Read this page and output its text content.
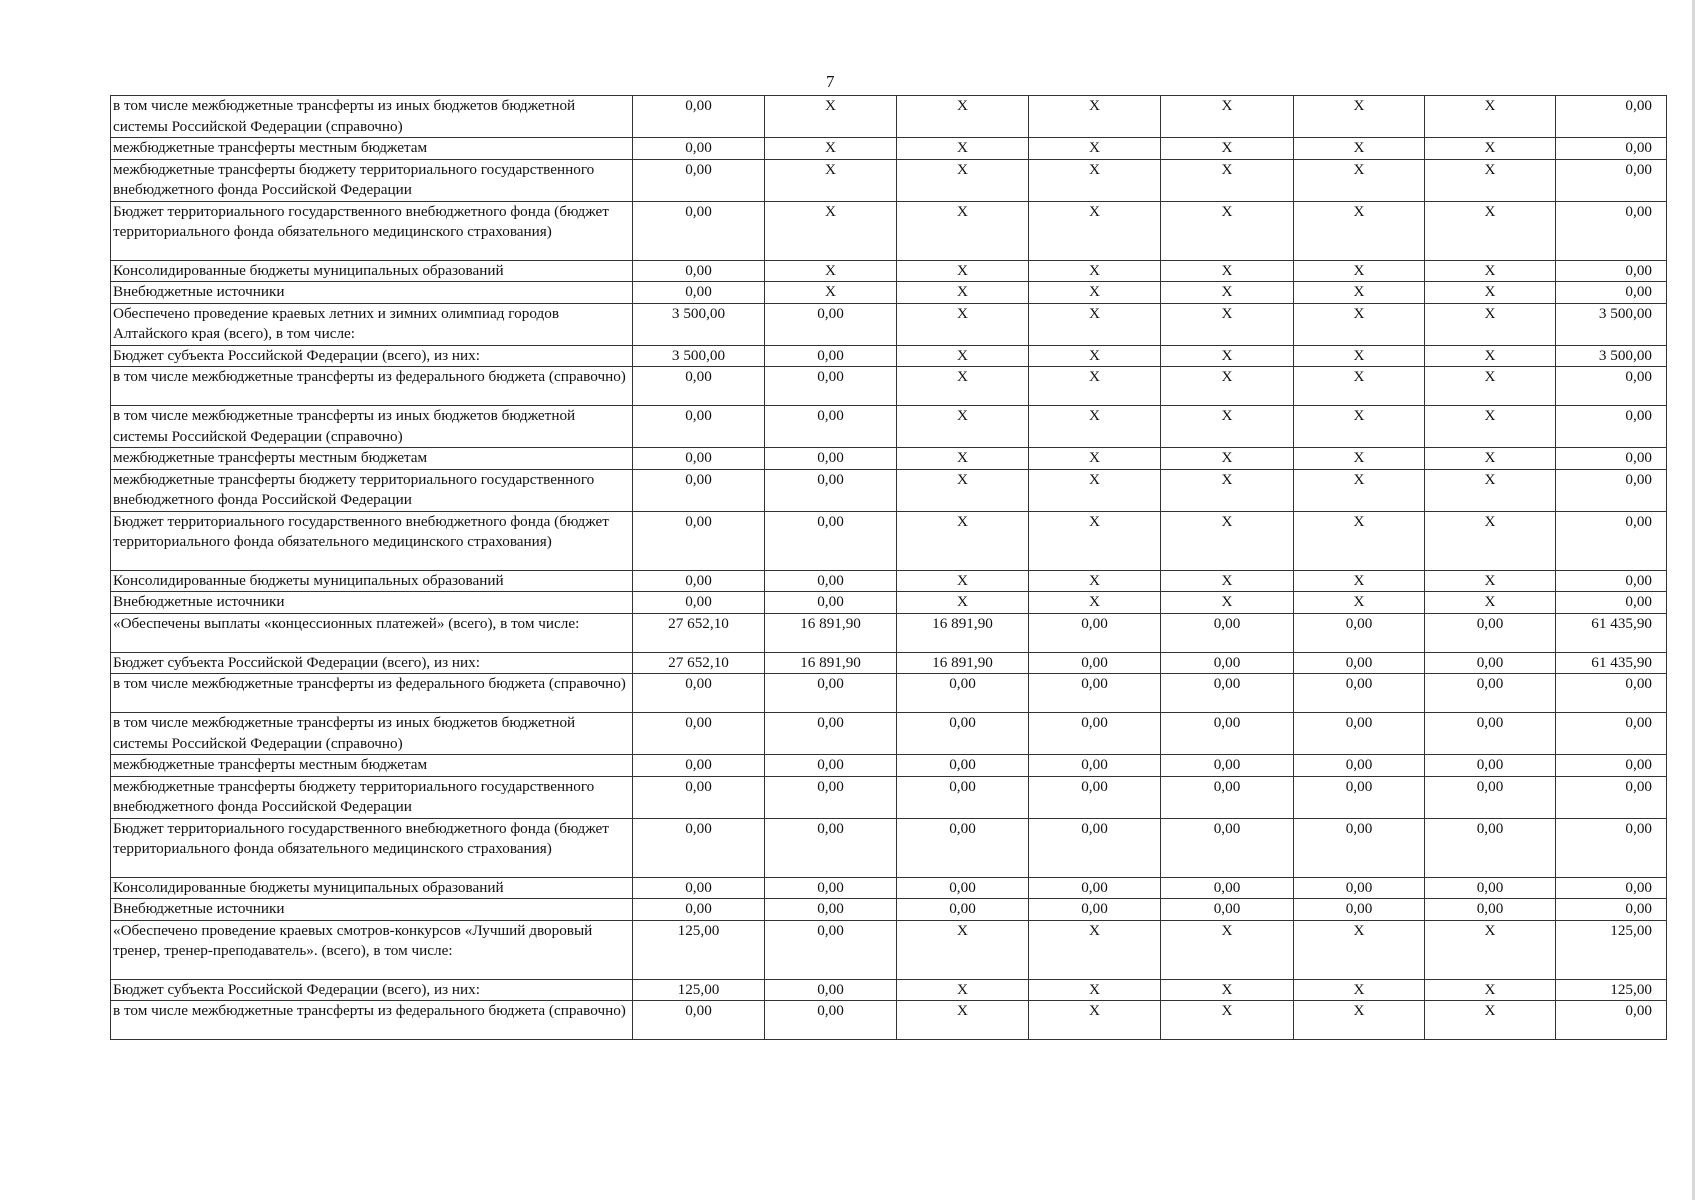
7
в том числе межбюджетные трансферты из иных бюджетов бюджетной системы Российской Федерации (справочно)	0,00	X	X	X	X	X	X	0,00
межбюджетные трансферты местным бюджетам	0,00	X	X	X	X	X	X	0,00
межбюджетные трансферты бюджету территориального государственного внебюджетного фонда Российской Федерации	0,00	X	X	X	X	X	X	0,00
Бюджет территориального государственного внебюджетного фонда (бюджет территориального фонда обязательного медицинского страхования)	0,00	X	X	X	X	X	X	0,00
Консолидированные бюджеты муниципальных образований	0,00	X	X	X	X	X	X	0,00
Внебюджетные источники	0,00	X	X	X	X	X	X	0,00
Обеспечено проведение краевых летних и зимних олимпиад городов Алтайского края (всего), в том числе:	3 500,00	0,00	X	X	X	X	X	3 500,00
Бюджет субъекта Российской Федерации (всего), из них:	3 500,00	0,00	X	X	X	X	X	3 500,00
в том числе межбюджетные трансферты из федерального бюджета (справочно)	0,00	0,00	X	X	X	X	X	0,00
в том числе межбюджетные трансферты из иных бюджетов бюджетной системы Российской Федерации (справочно)	0,00	0,00	X	X	X	X	X	0,00
межбюджетные трансферты местным бюджетам	0,00	0,00	X	X	X	X	X	0,00
межбюджетные трансферты бюджету территориального государственного внебюджетного фонда Российской Федерации	0,00	0,00	X	X	X	X	X	0,00
Бюджет территориального государственного внебюджетного фонда (бюджет территориального фонда обязательного медицинского страхования)	0,00	0,00	X	X	X	X	X	0,00
Консолидированные бюджеты муниципальных образований	0,00	0,00	X	X	X	X	X	0,00
Внебюджетные источники	0,00	0,00	X	X	X	X	X	0,00
«Обеспечены выплаты «концессионных платежей» (всего), в том числе:	27 652,10	16 891,90	16 891,90	0,00	0,00	0,00	0,00	61 435,90
Бюджет субъекта Российской Федерации (всего), из них:	27 652,10	16 891,90	16 891,90	0,00	0,00	0,00	0,00	61 435,90
в том числе межбюджетные трансферты из федерального бюджета (справочно)	0,00	0,00	0,00	0,00	0,00	0,00	0,00	0,00
в том числе межбюджетные трансферты из иных бюджетов бюджетной системы Российской Федерации (справочно)	0,00	0,00	0,00	0,00	0,00	0,00	0,00	0,00
межбюджетные трансферты местным бюджетам	0,00	0,00	0,00	0,00	0,00	0,00	0,00	0,00
межбюджетные трансферты бюджету территориального государственного внебюджетного фонда Российской Федерации	0,00	0,00	0,00	0,00	0,00	0,00	0,00	0,00
Бюджет территориального государственного внебюджетного фонда (бюджет территориального фонда обязательного медицинского страхования)	0,00	0,00	0,00	0,00	0,00	0,00	0,00	0,00
Консолидированные бюджеты муниципальных образований	0,00	0,00	0,00	0,00	0,00	0,00	0,00	0,00
Внебюджетные источники	0,00	0,00	0,00	0,00	0,00	0,00	0,00	0,00
«Обеспечено проведение краевых смотров-конкурсов «Лучший дворовый тренер, тренер-преподаватель». (всего), в том числе:	125,00	0,00	X	X	X	X	X	125,00
Бюджет субъекта Российской Федерации (всего), из них:	125,00	0,00	X	X	X	X	X	125,00
в том числе межбюджетные трансферты из федерального бюджета (справочно)	0,00	0,00	X	X	X	X	X	0,00
